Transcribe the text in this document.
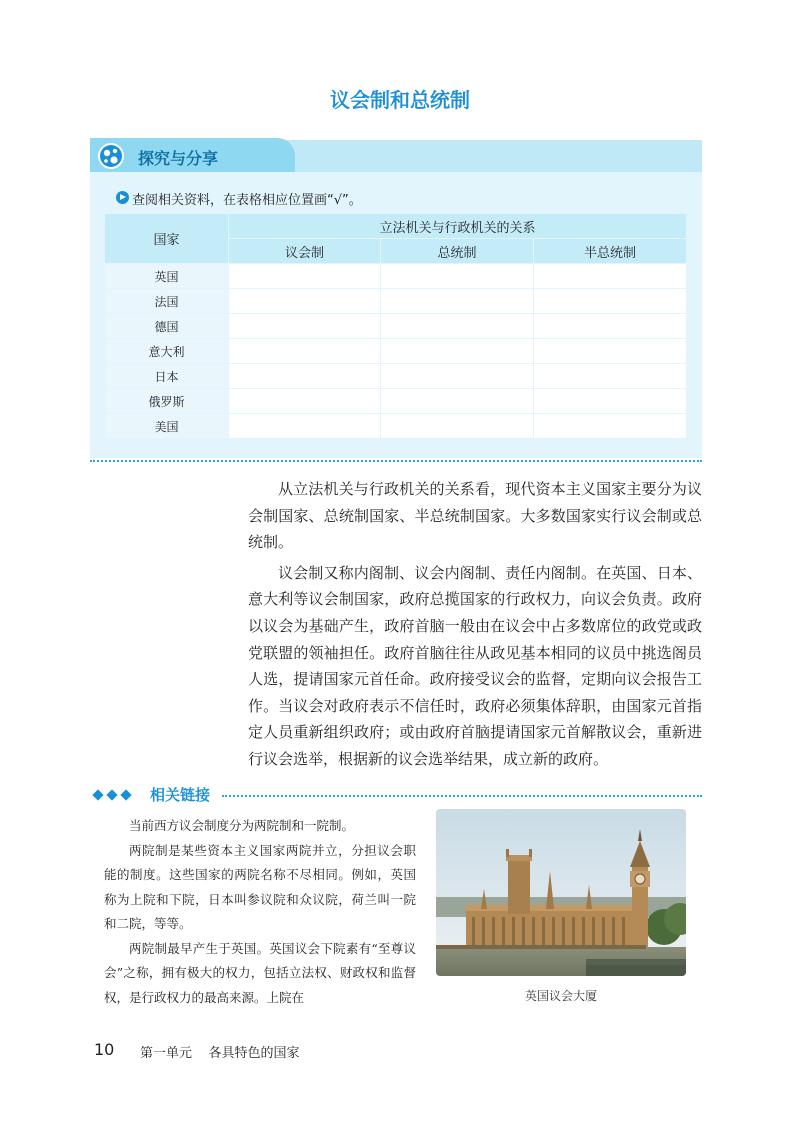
议会制和总统制
探究与分享
查阅相关资料，在表格相应位置画“√”。
国家	立法机关与行政机关的关系		
	议会制	总统制	半总统制
英国			
法国			
德国			
意大利			
日本			
俄罗斯			
美国			

从立法机关与行政机关的关系看，现代资本主义国家主要分为议会制国家、总统制国家、半总统制国家。大多数国家实行议会制或总统制。

议会制又称内阁制、议会内阁制、责任内阁制。在英国、日本、意大利等议会制国家，政府总揽国家的行政权力，向议会负责。政府以议会为基础产生，政府首脑一般由在议会中占多数席位的政党或政党联盟的领袖担任。政府首脑往往从政见基本相同的议员中挑选阁员人选，提请国家元首任命。政府接受议会的监督，定期向议会报告工作。当议会对政府表示不信任时，政府必须集体辞职，由国家元首指定人员重新组织政府；或由政府首脑提请国家元首解散议会，重新进行议会选举，根据新的议会选举结果，成立新的政府。

相关链接

当前西方议会制度分为两院制和一院制。

两院制是某些资本主义国家两院并立，分担议会职能的制度。这些国家的两院名称不尽相同。例如，英国称为上院和下院，日本叫参议院和众议院，荷兰叫一院和二院，等等。

两院制最早产生于英国。英国议会下院素有“至尊议会”之称，拥有极大的权力，包括立法权、财政权和监督权，是行政权力的最高来源。上院在	英国议会大厦
10 第一单元    各具特色的国家
